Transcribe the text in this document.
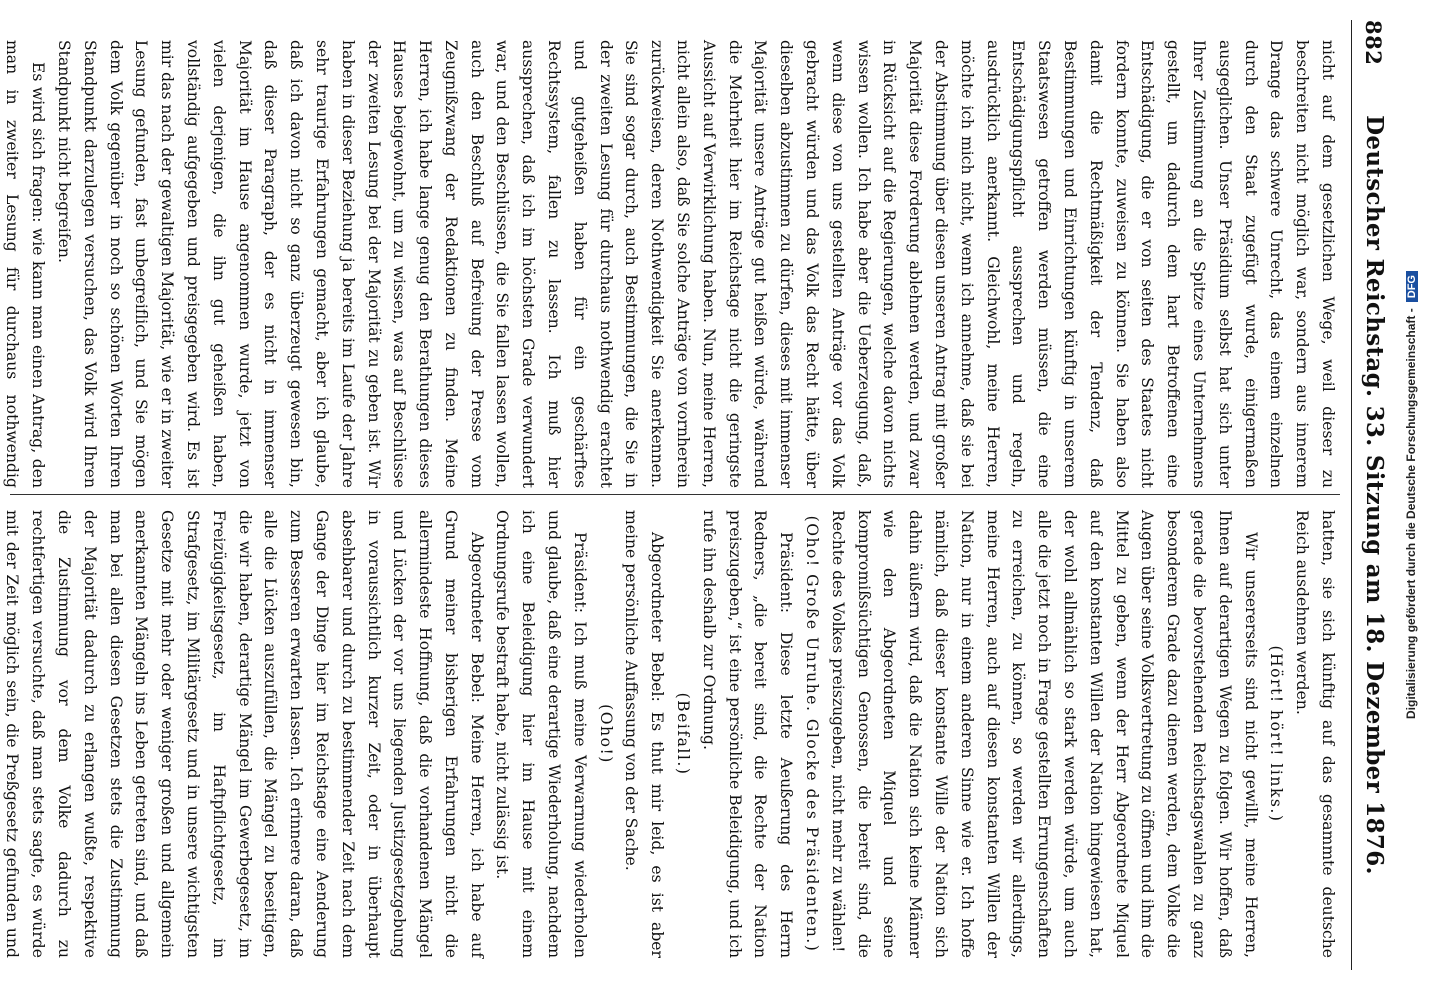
882
Deutscher Reichstag. 33. Sitzung am 18. Dezember 1876.

nicht auf dem gesetzlichen Wege, weil dieser zu beschreiten nicht möglich war, sondern aus innerem Drange das schwere Unrecht, das einem einzelnen durch den Staat zugefügt wurde, einigermaßen ausgeglichen. Unser Präsidium selbst hat sich unter Ihrer Zustimmung an die Spitze eines Unternehmens gestellt, um dadurch dem hart Betroffenen eine Entschädigung, die er von seiten des Staates nicht fordern konnte, zuweisen zu können. Sie haben also damit die Rechtmäßigkeit der Tendenz, daß Bestimmungen und Einrichtungen künftig in unserem Staatswesen getroffen werden müssen, die eine Entschädigungspflicht aussprechen und regeln, ausdrücklich anerkannt. Gleichwohl, meine Herren, möchte ich mich nicht, wenn ich annehme, daß sie bei der Abstimmung über diesen unseren Antrag mit großer Majorität diese Forderung ablehnen werden, und zwar in Rücksicht auf die Regierungen, welche davon nichts wissen wollen. Ich habe aber die Ueberzeugung, daß, wenn diese von uns gestellten Anträge vor das Volk gebracht würden und das Volk das Recht hätte, über dieselben abzustimmen zu dürfen, dieses mit immenser Majorität unsere Anträge gut heißen würde, während die Mehrheit hier im Reichstage nicht die geringste Aussicht auf Verwirklichung haben. Nun, meine Herren, nicht allein also, daß Sie solche Anträge von vornherein zurückweisen, deren Nothwendigkeit Sie anerkennen. Sie sind sogar durch, auch Bestimmungen, die Sie in der zweiten Lesung für durchaus nothwendig erachtet und gutgeheißen haben für ein geschärftes Rechtssystem, fallen zu lassen. Ich muß hier aussprechen, daß ich im höchsten Grade verwundert war, und den Beschlüssen, die Sie fallen lassen wollen, auch den Beschluß auf Befreiung der Presse vom Zeugnißzwang der Redaktionen zu finden. Meine Herren, ich habe lange genug den Berathungen dieses Hauses beigewohnt, um zu wissen, was auf Beschlüsse der zweiten Lesung bei der Majorität zu geben ist. Wir haben in dieser Beziehung ja bereits im Laufe der Jahre sehr traurige Erfahrungen gemacht, aber ich glaube, daß ich davon nicht so ganz überzeugt gewesen bin, daß dieser Paragraph, der es nicht in immenser Majorität im Hause angenommen wurde, jetzt von vielen derjenigen, die ihn gut geheißen haben, vollständig aufgegeben und preisgegeben wird. Es ist mir das nach der gewaltigen Majorität, wie er in zweiter Lesung gefunden, fast unbegreiflich, und Sie mögen dem Volk gegenüber in noch so schönen Worten Ihren Standpunkt darzulegen versuchen, das Volk wird Ihren Standpunkt nicht begreifen.

Es wird sich fragen: wie kann man einen Antrag, den man in zweiter Lesung für durchaus nothwendig

hatten, sie sich künftig auf das gesammte deutsche Reich ausdehnen werden.

(Hört! hört! links.)

Wir unsererseits sind nicht gewillt, meine Herren, Ihnen auf derartigen Wegen zu folgen. Wir hoffen, daß gerade die bevorstehenden Reichstagswahlen zu ganz besonderem Grade dazu dienen werden, dem Volke die Augen über seine Volksvertretung zu öffnen und ihm die Mittel zu geben, wenn der Herr Abgeordnete Miquel auf den konstanten Willen der Nation hingewiesen hat, der wohl allmählich so stark werden würde, um auch alle die jetzt noch in Frage gestellten Errungenschaften zu erreichen, zu können, so werden wir allerdings, meine Herren, auch auf diesen konstanten Willen der Nation, nur in einem anderen Sinne wie er. Ich hoffe nämlich, daß dieser konstante Wille der Nation sich dahin äußern wird, daß die Nation sich keine Männer wie den Abgeordneten Miquel und seine kompromißsüchtigen Genossen, die bereit sind, die Rechte des Volkes preiszugeben, nicht mehr zu wählen!

(Oho! Große Unruhe. Glocke des Präsidenten.)

Präsident: Diese letzte Aeußerung des Herrn Redners, „die bereit sind, die Rechte der Nation preiszugeben,“ ist eine persönliche Beleidigung, und ich rufe ihn deshalb zur Ordnung.

(Beifall.)

Abgeordneter Bebel: Es thut mir leid, es ist aber meine persönliche Auffassung von der Sache.

(Oho!)

Präsident: Ich muß meine Verwarnung wiederholen und glaube, daß eine derartige Wiederholung, nachdem ich eine Beleidigung hier im Hause mit einem Ordnungsrufe bestraft habe, nicht zulässig ist.

Abgeordneter Bebel: Meine Herren, ich habe auf Grund meiner bisherigen Erfahrungen nicht die allermindeste Hoffnung, daß die vorhandenen Mängel und Lücken der vor uns liegenden Justizgesetzgebung in voraussichtlich kurzer Zeit, oder in überhaupt absehbarer und durch zu bestimmender Zeit nach dem Gange der Dinge hier im Reichstage eine Aenderung zum Besseren erwarten lassen. Ich erinnere daran, daß alle die Lücken auszufüllen, die Mängel zu beseitigen, die wir haben, derartige Mängel im Gewerbegesetz, im Freizügigkeitsgesetz, im Haftpflichtgesetz, im Strafgesetz, im Militärgesetz und in unsere wichtigsten Gesetze mit mehr oder weniger großen und allgemein anerkannten Mängeln ins Leben getreten sind, und daß man bei allen diesen Gesetzen stets die Zustimmung der Majorität dadurch zu erlangen wußte, respektive die Zustimmung vor dem Volke dadurch zu rechtfertigen versuchte, daß man stets sagte, es würde mit der Zeit möglich sein, die Preßgesetz gefunden und

Digitalisierung gefördert durch die Deutsche Forschungsgemeinschaft -DFG
